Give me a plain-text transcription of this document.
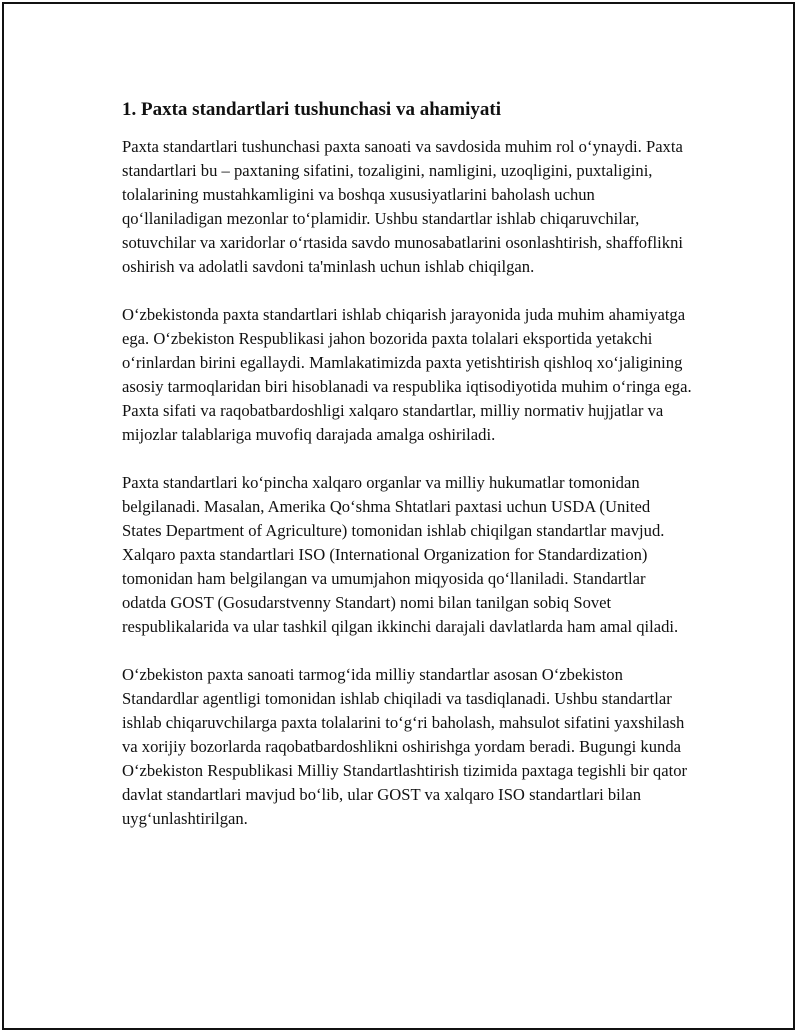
1. Paxta standartlari tushunchasi va ahamiyati

Paxta standartlari tushunchasi paxta sanoati va savdosida muhim rol o‘ynaydi. Paxta standartlari bu – paxtaning sifatini, tozaligini, namligini, uzoqligini, puxtaligini, tolalarining mustahkamligini va boshqa xususiyatlarini baholash uchun qo‘llaniladigan mezonlar to‘plamidir. Ushbu standartlar ishlab chiqaruvchilar, sotuvchilar va xaridorlar o‘rtasida savdo munosabatlarini osonlashtirish, shaffoflikni oshirish va adolatli savdoni ta'minlash uchun ishlab chiqilgan.

O‘zbekistonda paxta standartlari ishlab chiqarish jarayonida juda muhim ahamiyatga ega. O‘zbekiston Respublikasi jahon bozorida paxta tolalari eksportida yetakchi o‘rinlardan birini egallaydi. Mamlakatimizda paxta yetishtirish qishloq xo‘jaligining asosiy tarmoqlaridan biri hisoblanadi va respublika iqtisodiyotida muhim o‘ringa ega. Paxta sifati va raqobatbardoshligi xalqaro standartlar, milliy normativ hujjatlar va mijozlar talablariga muvofiq darajada amalga oshiriladi.

Paxta standartlari ko‘pincha xalqaro organlar va milliy hukumatlar tomonidan belgilanadi. Masalan, Amerika Qo‘shma Shtatlari paxtasi uchun USDA (United States Department of Agriculture) tomonidan ishlab chiqilgan standartlar mavjud. Xalqaro paxta standartlari ISO (International Organization for Standardization) tomonidan ham belgilangan va umumjahon miqyosida qo‘llaniladi. Standartlar odatda GOST (Gosudarstvenny Standart) nomi bilan tanilgan sobiq Sovet respublikalarida va ular tashkil qilgan ikkinchi darajali davlatlarda ham amal qiladi.

O‘zbekiston paxta sanoati tarmog‘ida milliy standartlar asosan O‘zbekiston Standardlar agentligi tomonidan ishlab chiqiladi va tasdiqlanadi. Ushbu standartlar ishlab chiqaruvchilarga paxta tolalarini to‘g‘ri baholash, mahsulot sifatini yaxshilash va xorijiy bozorlarda raqobatbardoshlikni oshirishga yordam beradi. Bugungi kunda O‘zbekiston Respublikasi Milliy Standartlashtirish tizimida paxtaga tegishli bir qator davlat standartlari mavjud bo‘lib, ular GOST va xalqaro ISO standartlari bilan uyg‘unlashtirilgan.
